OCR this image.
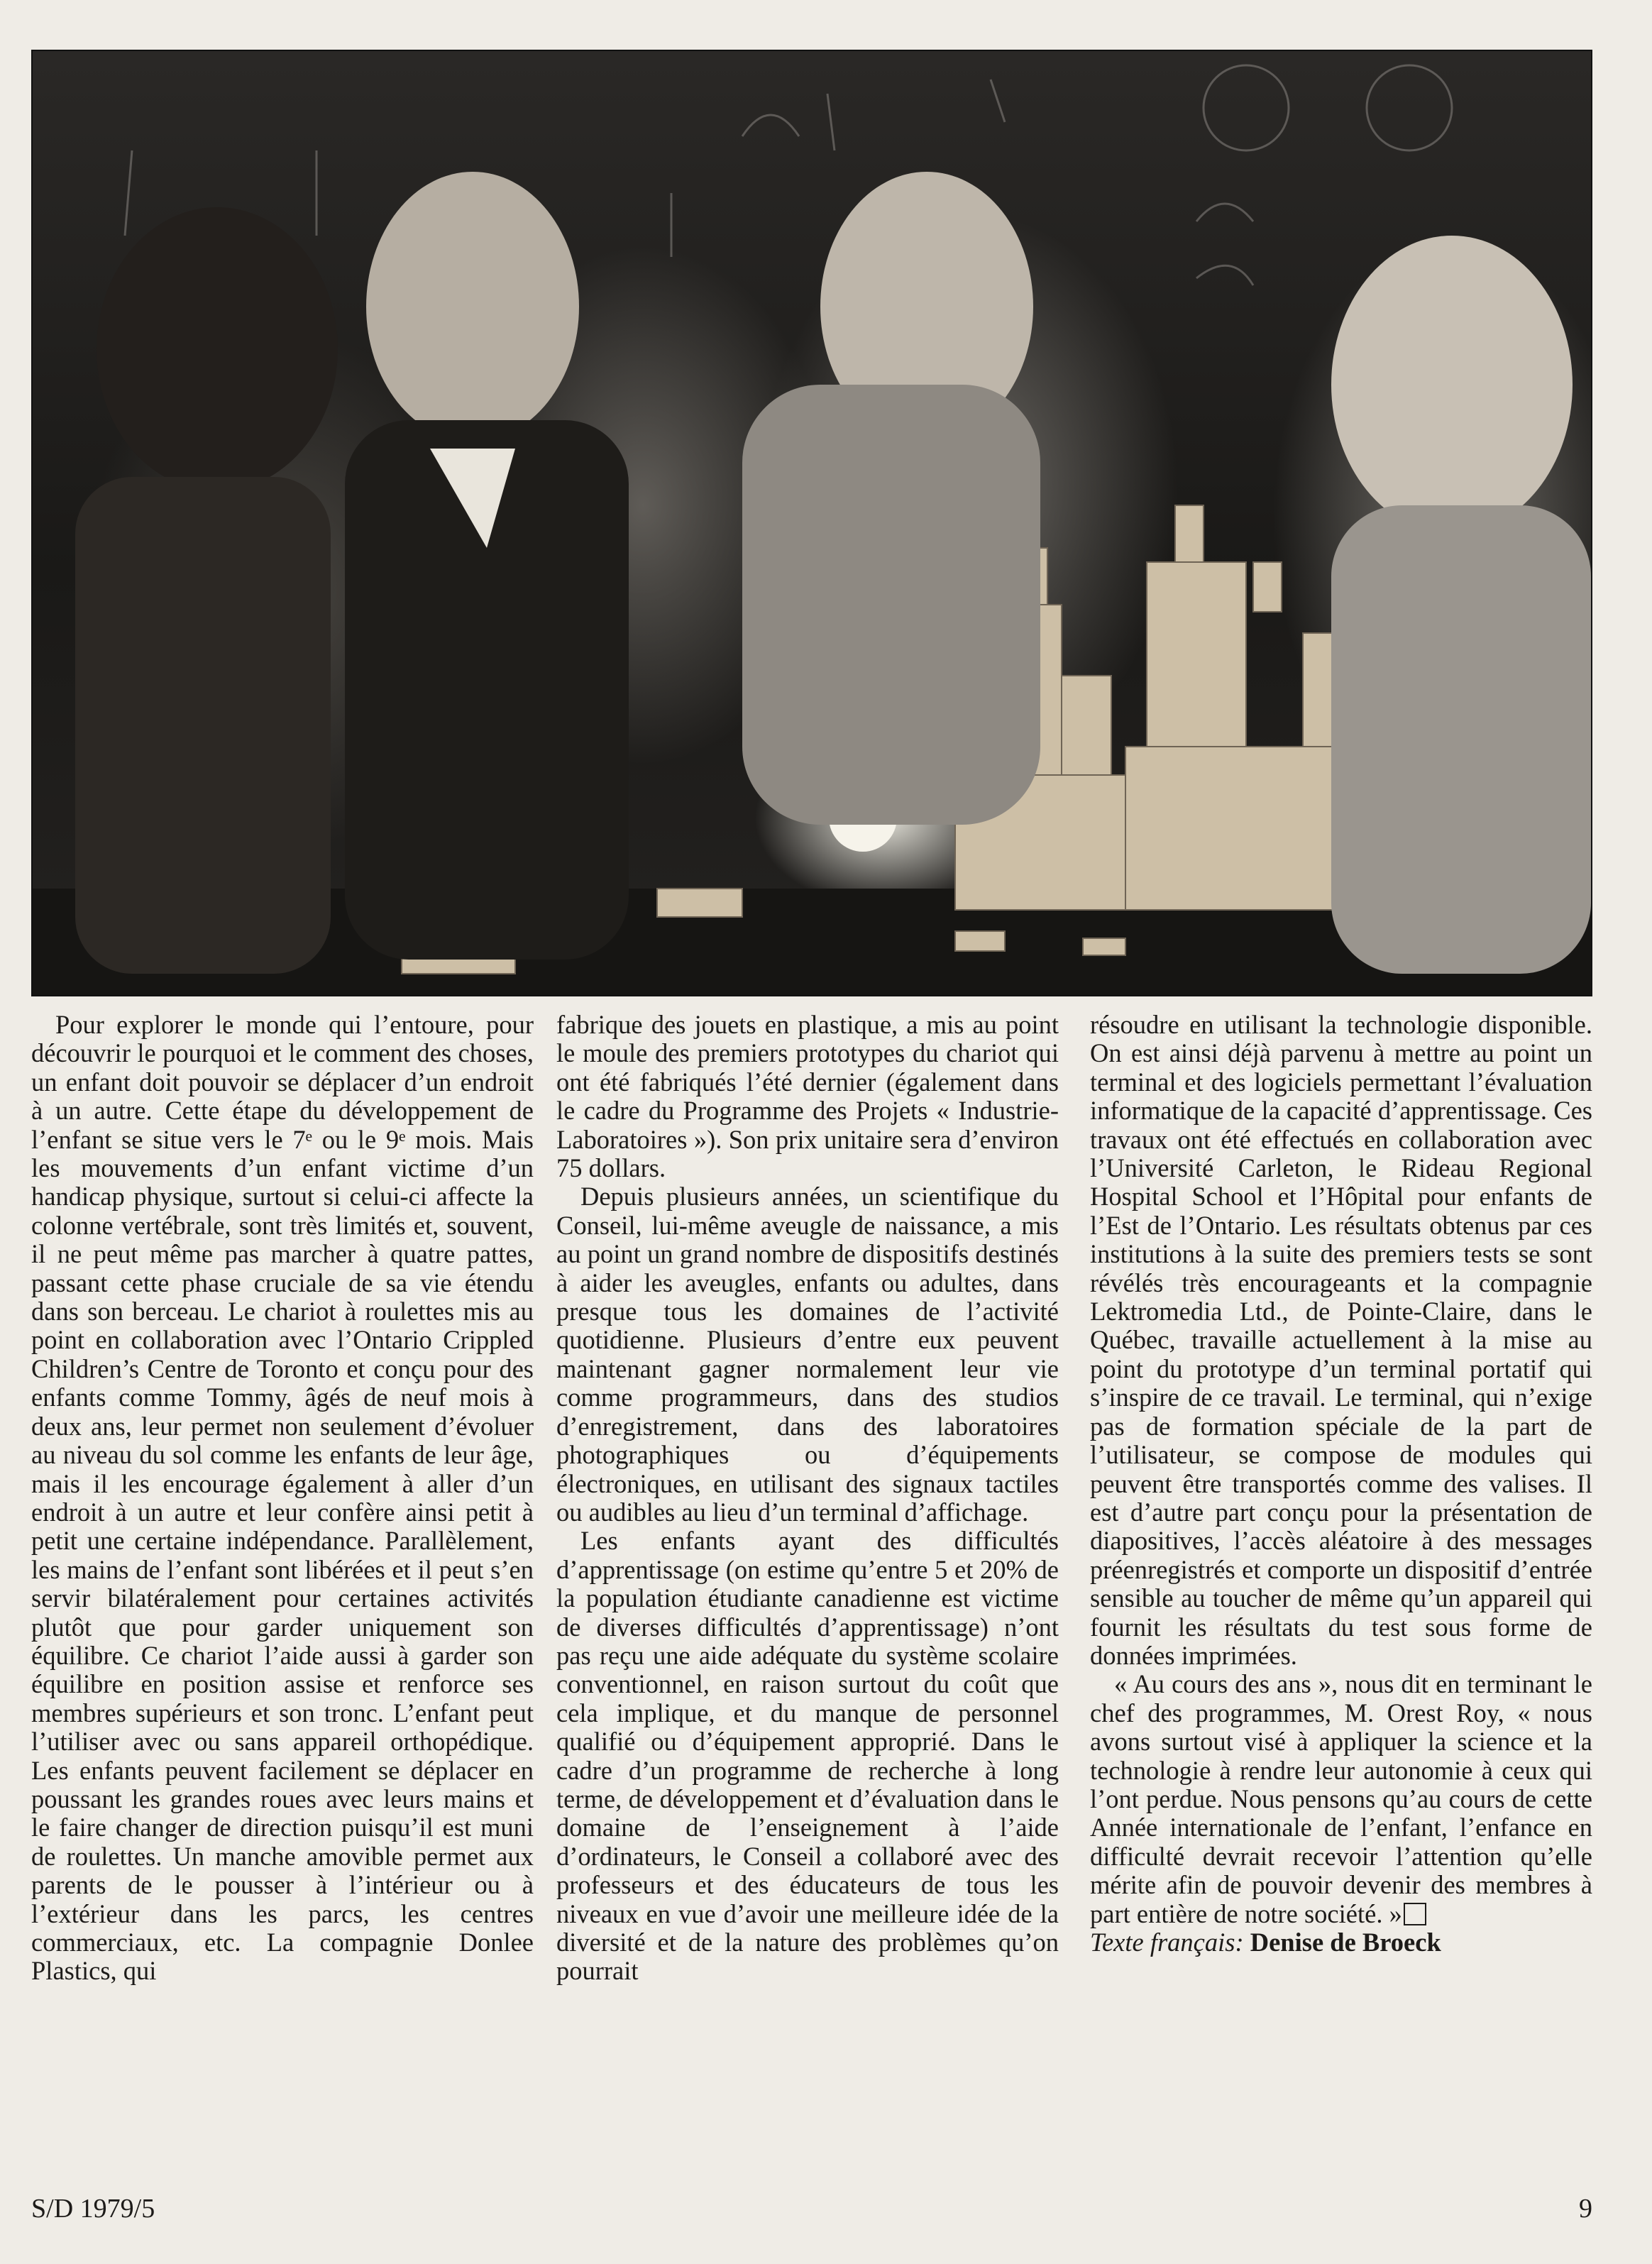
Pour explorer le monde qui l’entoure, pour découvrir le pourquoi et le comment des choses, un enfant doit pouvoir se déplacer d’un endroit à un autre. Cette étape du développement de l’enfant se situe vers le 7ᵉ ou le 9ᵉ mois. Mais les mouvements d’un enfant victime d’un handicap physique, surtout si celui-ci affecte la colonne vertébrale, sont très limités et, souvent, il ne peut même pas marcher à quatre pattes, passant cette phase cruciale de sa vie étendu dans son berceau. Le chariot à roulettes mis au point en collaboration avec l’Ontario Crippled Children’s Centre de Toronto et conçu pour des enfants comme Tommy, âgés de neuf mois à deux ans, leur permet non seulement d’évoluer au niveau du sol comme les enfants de leur âge, mais il les encourage également à aller d’un endroit à un autre et leur confère ainsi petit à petit une certaine indépendance. Parallèlement, les mains de l’enfant sont libérées et il peut s’en servir bilatéralement pour certaines activités plutôt que pour garder uniquement son équilibre. Ce chariot l’aide aussi à garder son équilibre en position assise et renforce ses membres supérieurs et son tronc. L’enfant peut l’utiliser avec ou sans appareil orthopédique. Les enfants peuvent facilement se déplacer en poussant les grandes roues avec leurs mains et le faire changer de direction puisqu’il est muni de roulettes. Un manche amovible permet aux parents de le pousser à l’intérieur ou à l’extérieur dans les parcs, les centres commerciaux, etc. La compagnie Donlee Plastics, qui

fabrique des jouets en plastique, a mis au point le moule des premiers prototypes du chariot qui ont été fabriqués l’été dernier (également dans le cadre du Programme des Projets « Industrie-Laboratoires »). Son prix unitaire sera d’environ 75 dollars.

Depuis plusieurs années, un scientifique du Conseil, lui-même aveugle de naissance, a mis au point un grand nombre de dispositifs destinés à aider les aveugles, enfants ou adultes, dans presque tous les domaines de l’activité quotidienne. Plusieurs d’entre eux peuvent maintenant gagner normalement leur vie comme programmeurs, dans des studios d’enregistrement, dans des laboratoires photographiques ou d’équipements électroniques, en utilisant des signaux tactiles ou audibles au lieu d’un terminal d’affichage.

Les enfants ayant des difficultés d’apprentissage (on estime qu’entre 5 et 20% de la population étudiante canadienne est victime de diverses difficultés d’apprentissage) n’ont pas reçu une aide adéquate du système scolaire conventionnel, en raison surtout du coût que cela implique, et du manque de personnel qualifié ou d’équipement approprié. Dans le cadre d’un programme de recherche à long terme, de développement et d’évaluation dans le domaine de l’enseignement à l’aide d’ordinateurs, le Conseil a collaboré avec des professeurs et des éducateurs de tous les niveaux en vue d’avoir une meilleure idée de la diversité et de la nature des problèmes qu’on pourrait

résoudre en utilisant la technologie disponible. On est ainsi déjà parvenu à mettre au point un terminal et des logiciels permettant l’évaluation informatique de la capacité d’apprentissage. Ces travaux ont été effectués en collaboration avec l’Université Carleton, le Rideau Regional Hospital School et l’Hôpital pour enfants de l’Est de l’Ontario. Les résultats obtenus par ces institutions à la suite des premiers tests se sont révélés très encourageants et la compagnie Lektromedia Ltd., de Pointe-Claire, dans le Québec, travaille actuellement à la mise au point du prototype d’un terminal portatif qui s’inspire de ce travail. Le terminal, qui n’exige pas de formation spéciale de la part de l’utilisateur, se compose de modules qui peuvent être transportés comme des valises. Il est d’autre part conçu pour la présentation de diapositives, l’accès aléatoire à des messages préenregistrés et comporte un dispositif d’entrée sensible au toucher de même qu’un appareil qui fournit les résultats du test sous forme de données imprimées.

« Au cours des ans », nous dit en terminant le chef des programmes, M. Orest Roy, « nous avons surtout visé à appliquer la science et la technologie à rendre leur autonomie à ceux qui l’ont perdue. Nous pensons qu’au cours de cette Année internationale de l’enfant, l’enfance en difficulté devrait recevoir l’attention qu’elle mérite afin de pouvoir devenir des membres à part entière de notre société. »

Texte français: Denise de Broeck

S/D 1979/5	9
